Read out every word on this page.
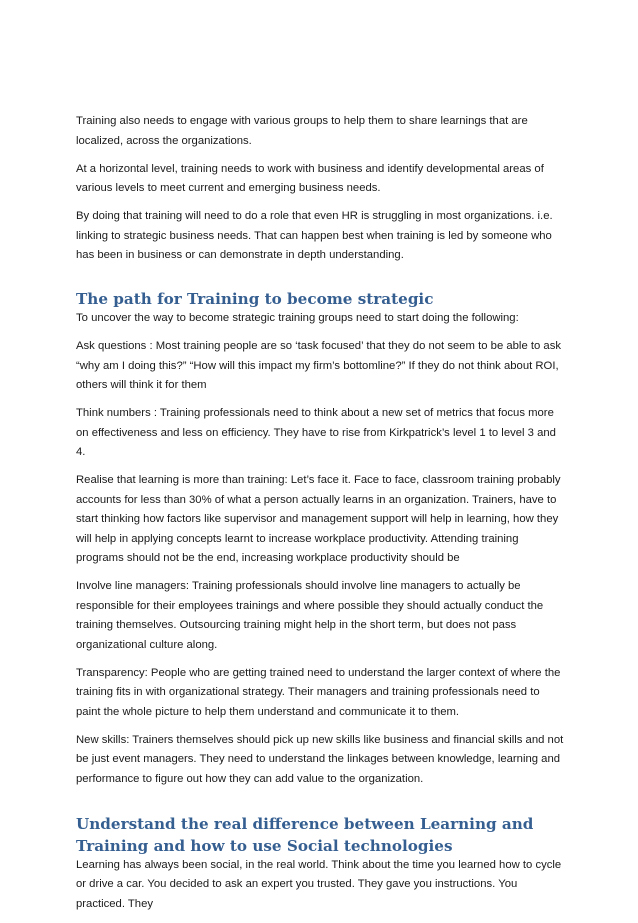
Training also needs to engage with various groups to help them to share learnings that are localized, across the organizations.

At a horizontal level, training needs to work with business and identify developmental areas of various levels to meet current and emerging business needs.

By doing that training will need to do a role that even HR is struggling in most organizations. i.e. linking to strategic business needs. That can happen best when training is led by someone who has been in business or can demonstrate in depth understanding.

The path for Training to become strategic

To uncover the way to become strategic training groups need to start doing the following:

Ask questions : Most training people are so ‘task focused’ that they do not seem to be able to ask “why am I doing this?” “How will this impact my firm’s bottomline?” If they do not think about ROI, others will think it for them

Think numbers : Training professionals need to think about a new set of metrics that focus more on effectiveness and less on efficiency. They have to rise from Kirkpatrick’s level 1 to level 3 and 4.

Realise that learning is more than training: Let’s face it. Face to face, classroom training probably accounts for less than 30% of what a person actually learns in an organization. Trainers, have to start thinking how factors like supervisor and management support will help in learning, how they will help in applying concepts learnt to increase workplace productivity. Attending training programs should not be the end, increasing workplace productivity should be

Involve line managers: Training professionals should involve line managers to actually be responsible for their employees trainings and where possible they should actually conduct the training themselves. Outsourcing training might help in the short term, but does not pass organizational culture along.

Transparency: People who are getting trained need to understand the larger context of where the training fits in with organizational strategy. Their managers and training professionals need to paint the whole picture to help them understand and communicate it to them.

New skills: Trainers themselves should pick up new skills like business and financial skills and not be just event managers. They need to understand the linkages between knowledge, learning and performance to figure out how they can add value to the organization.

Understand the real difference between Learning and Training and how to use Social technologies

Learning has always been social, in the real world. Think about the time you learned how to cycle or drive a car. You decided to ask an expert you trusted. They gave you instructions. You practiced. They
